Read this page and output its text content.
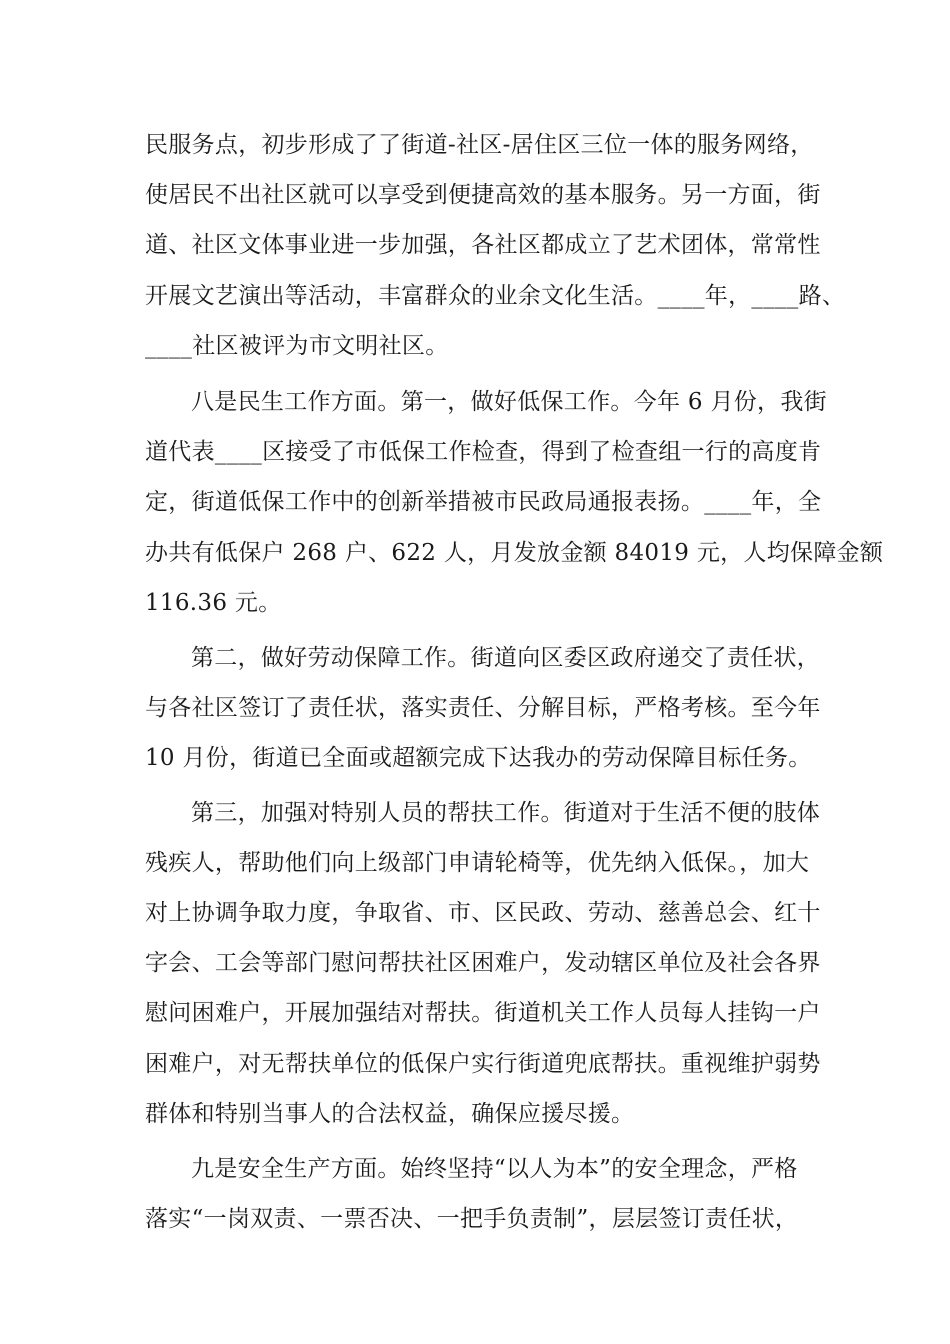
民服务点，初步形成了了街道-社区-居住区三位一体的服务网络，
使居民不出社区就可以享受到便捷高效的基本服务。另一方面，街
道、社区文体事业进一步加强，各社区都成立了艺术团体，常常性
开展文艺演出等活动，丰富群众的业余文化生活。____年，____路、
____社区被评为市文明社区。
八是民生工作方面。第一，做好低保工作。今年 6 月份，我街
道代表____区接受了市低保工作检查，得到了检查组一行的高度肯
定，街道低保工作中的创新举措被市民政局通报表扬。____年，全
办共有低保户 268 户、622 人，月发放金额 84019 元，人均保障金额
116.36 元。
第二，做好劳动保障工作。街道向区委区政府递交了责任状，
与各社区签订了责任状，落实责任、分解目标，严格考核。至今年
10 月份，街道已全面或超额完成下达我办的劳动保障目标任务。
第三，加强对特别人员的帮扶工作。街道对于生活不便的肢体
残疾人，帮助他们向上级部门申请轮椅等，优先纳入低保。，加大
对上协调争取力度，争取省、市、区民政、劳动、慈善总会、红十
字会、工会等部门慰问帮扶社区困难户，发动辖区单位及社会各界
慰问困难户，开展加强结对帮扶。街道机关工作人员每人挂钩一户
困难户，对无帮扶单位的低保户实行街道兜底帮扶。重视维护弱势
群体和特别当事人的合法权益，确保应援尽援。
九是安全生产方面。始终坚持“以人为本”的安全理念，严格
落实“一岗双责、一票否决、一把手负责制”，层层签订责任状，
